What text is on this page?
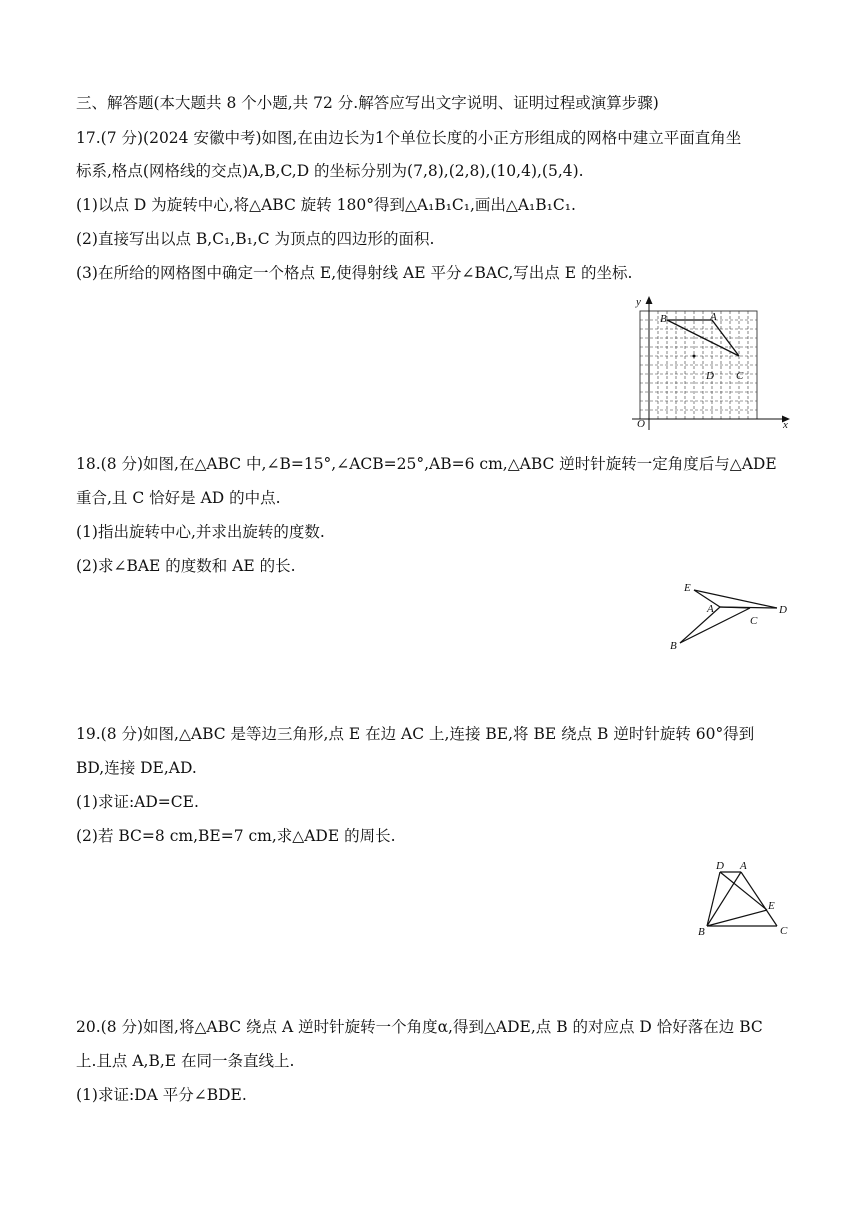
三、解答题(本大题共 8 个小题,共 72 分.解答应写出文字说明、证明过程或演算步骤)
17.(7 分)(2024 安徽中考)如图,在由边长为1个单位长度的小正方形组成的网格中建立平面直角坐
标系,格点(网格线的交点)A,B,C,D 的坐标分别为(7,8),(2,8),(10,4),(5,4).
(1)以点 D 为旋转中心,将△ABC 旋转 180°得到△A₁B₁C₁,画出△A₁B₁C₁.
(2)直接写出以点 B,C₁,B₁,C 为顶点的四边形的面积.
(3)在所给的网格图中确定一个格点 E,使得射线 AE 平分∠BAC,写出点 E 的坐标.
y
x
O
B	A
C
D
18.(8 分)如图,在△ABC 中,∠B=15°,∠ACB=25°,AB=6 cm,△ABC 逆时针旋转一定角度后与△ADE
重合,且 C 恰好是 AD 的中点.
(1)指出旋转中心,并求出旋转的度数.
(2)求∠BAE 的度数和 AE 的长.
E
A
C
D
B
19.(8 分)如图,△ABC 是等边三角形,点 E 在边 AC 上,连接 BE,将 BE 绕点 B 逆时针旋转 60°得到
BD,连接 DE,AD.
(1)求证:AD=CE.
(2)若 BC=8 cm,BE=7 cm,求△ADE 的周长.
D A
E
B	C
20.(8 分)如图,将△ABC 绕点 A 逆时针旋转一个角度α,得到△ADE,点 B 的对应点 D 恰好落在边 BC
上.且点 A,B,E 在同一条直线上.
(1)求证:DA 平分∠BDE.
